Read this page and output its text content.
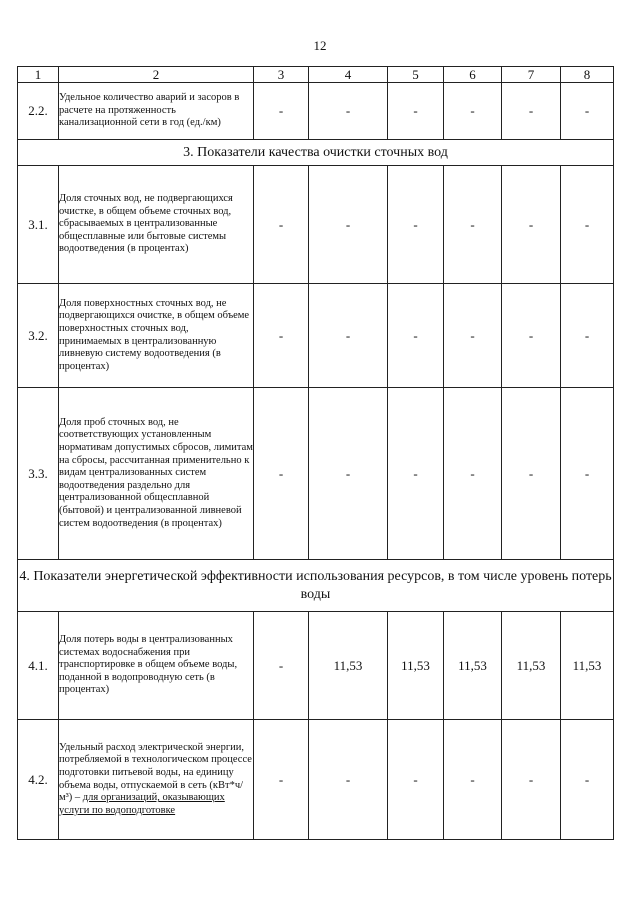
12
1	2	3	4	5	6	7	8
2.2.	Удельное количество аварий и засоров в расчете на протяженность канализационной сети в год (ед./км)	-	-	-	-	-	-
3. Показатели качества очистки сточных вод							
3.1.	Доля сточных вод, не подвергающихся очистке, в общем объеме сточных вод, сбрасываемых в централизованные общесплавные или бытовые системы водоотведения (в процентах)	-	-	-	-	-	-
3.2.	Доля поверхностных сточных вод, не подвергающихся очистке, в общем объеме поверхностных сточных вод, принимаемых в централизованную ливневую систему водоотведения (в процентах)	-	-	-	-	-	-
3.3.	Доля проб сточных вод, не соответствующих установленным нормативам допустимых сбросов, лимитам на сбросы, рассчитанная применительно к видам централизованных систем водоотведения раздельно для централизованной общесплавной (бытовой) и централизованной ливневой систем водоотведения (в процентах)	-	-	-	-	-	-
4. Показатели энергетической эффективности использования ресурсов, в том числе уровень потерь воды							
4.1.	Доля потерь воды в централизованных системах водоснабжения при транспортировке в общем объеме воды, поданной в водопроводную сеть (в процентах)	-	11,53	11,53	11,53	11,53	11,53
4.2.	Удельный расход электрической энергии, потребляемой в технологическом процессе подготовки питьевой воды, на единицу объема воды, отпускаемой в сеть (кВт*ч/м³) – для организаций, оказывающих услуги по водоподготовке	-	-	-	-	-	-
